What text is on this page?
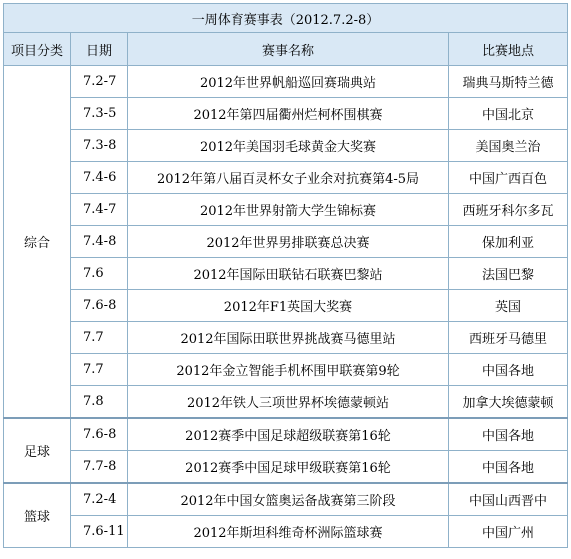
一周体育赛事表（2012.7.2-8）			
项目分类	日期	赛事名称	比赛地点
综合	7.2-7	2012年世界帆船巡回赛瑞典站	瑞典马斯特兰德
	7.3-5	2012年第四届衢州烂柯杯围棋赛	中国北京
	7.3-8	2012年美国羽毛球黄金大奖赛	美国奥兰治
	7.4-6	2012年第八届百灵杯女子业余对抗赛第4-5局	中国广西百色
	7.4-7	2012年世界射箭大学生锦标赛	西班牙科尔多瓦
	7.4-8	2012年世界男排联赛总决赛	保加利亚
	7.6	2012年国际田联钻石联赛巴黎站	法国巴黎
	7.6-8	2012年F1英国大奖赛	英国
	7.7	2012年国际田联世界挑战赛马德里站	西班牙马德里
	7.7	2012年金立智能手机杯围甲联赛第9轮	中国各地
	7.8	2012年铁人三项世界杯埃德蒙顿站	加拿大埃德蒙顿
足球	7.6-8	2012赛季中国足球超级联赛第16轮	中国各地
	7.7-8	2012赛季中国足球甲级联赛第16轮	中国各地
篮球	7.2-4	2012年中国女篮奥运备战赛第三阶段	中国山西晋中
	7.6-11	2012年斯坦科维奇杯洲际篮球赛	中国广州
